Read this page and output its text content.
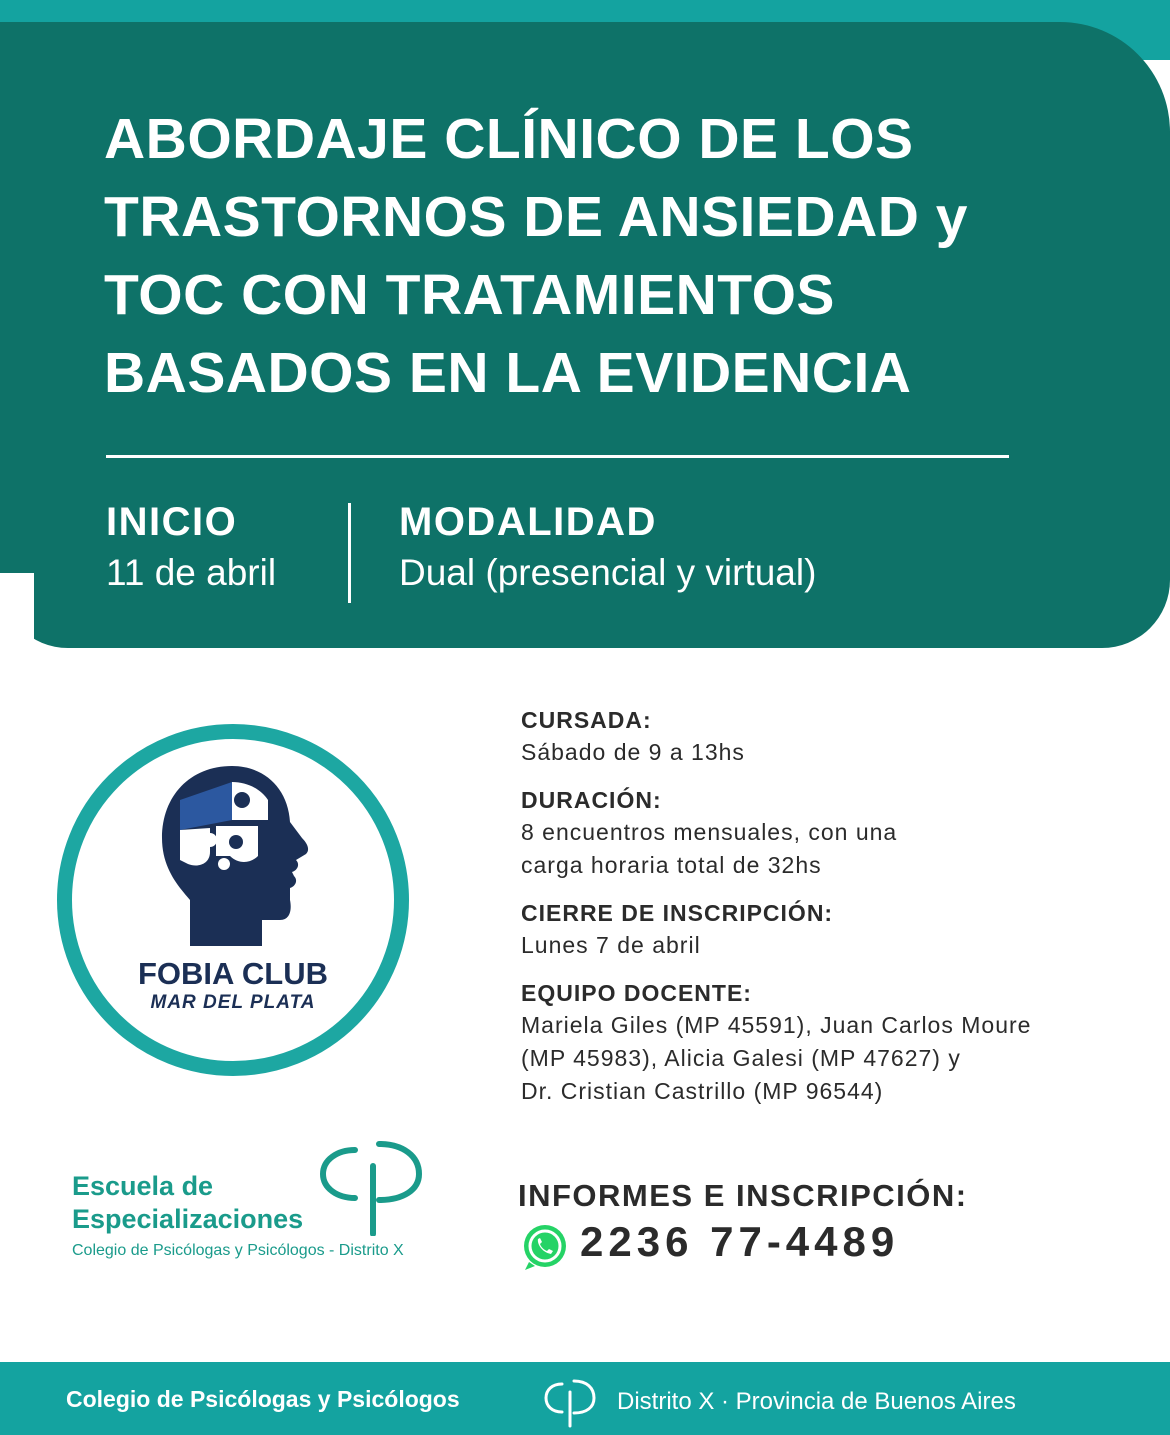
ABORDAJE CLÍNICO DE LOS
TRASTORNOS DE ANSIEDAD y
TOC CON TRATAMIENTOS
BASADOS EN LA EVIDENCIA
INICIO
11 de abril
MODALIDAD
Dual (presencial y virtual)
FOBIA CLUB
MAR DEL PLATA
CURSADA:
Sábado de 9 a 13hs
DURACIÓN:
8 encuentros mensuales, con una
carga horaria total de 32hs
CIERRE DE INSCRIPCIÓN:
Lunes 7 de abril
EQUIPO DOCENTE:
Mariela Giles (MP 45591), Juan Carlos Moure
(MP 45983), Alicia Galesi (MP 47627) y
Dr. Cristian Castrillo (MP 96544)
Escuela de
Especializaciones
Colegio de Psicólogas y Psicólogos - Distrito X
INFORMES E INSCRIPCIÓN:
2236 77-4489
Colegio de Psicólogas y Psicólogos	Distrito X · Provincia de Buenos Aires
